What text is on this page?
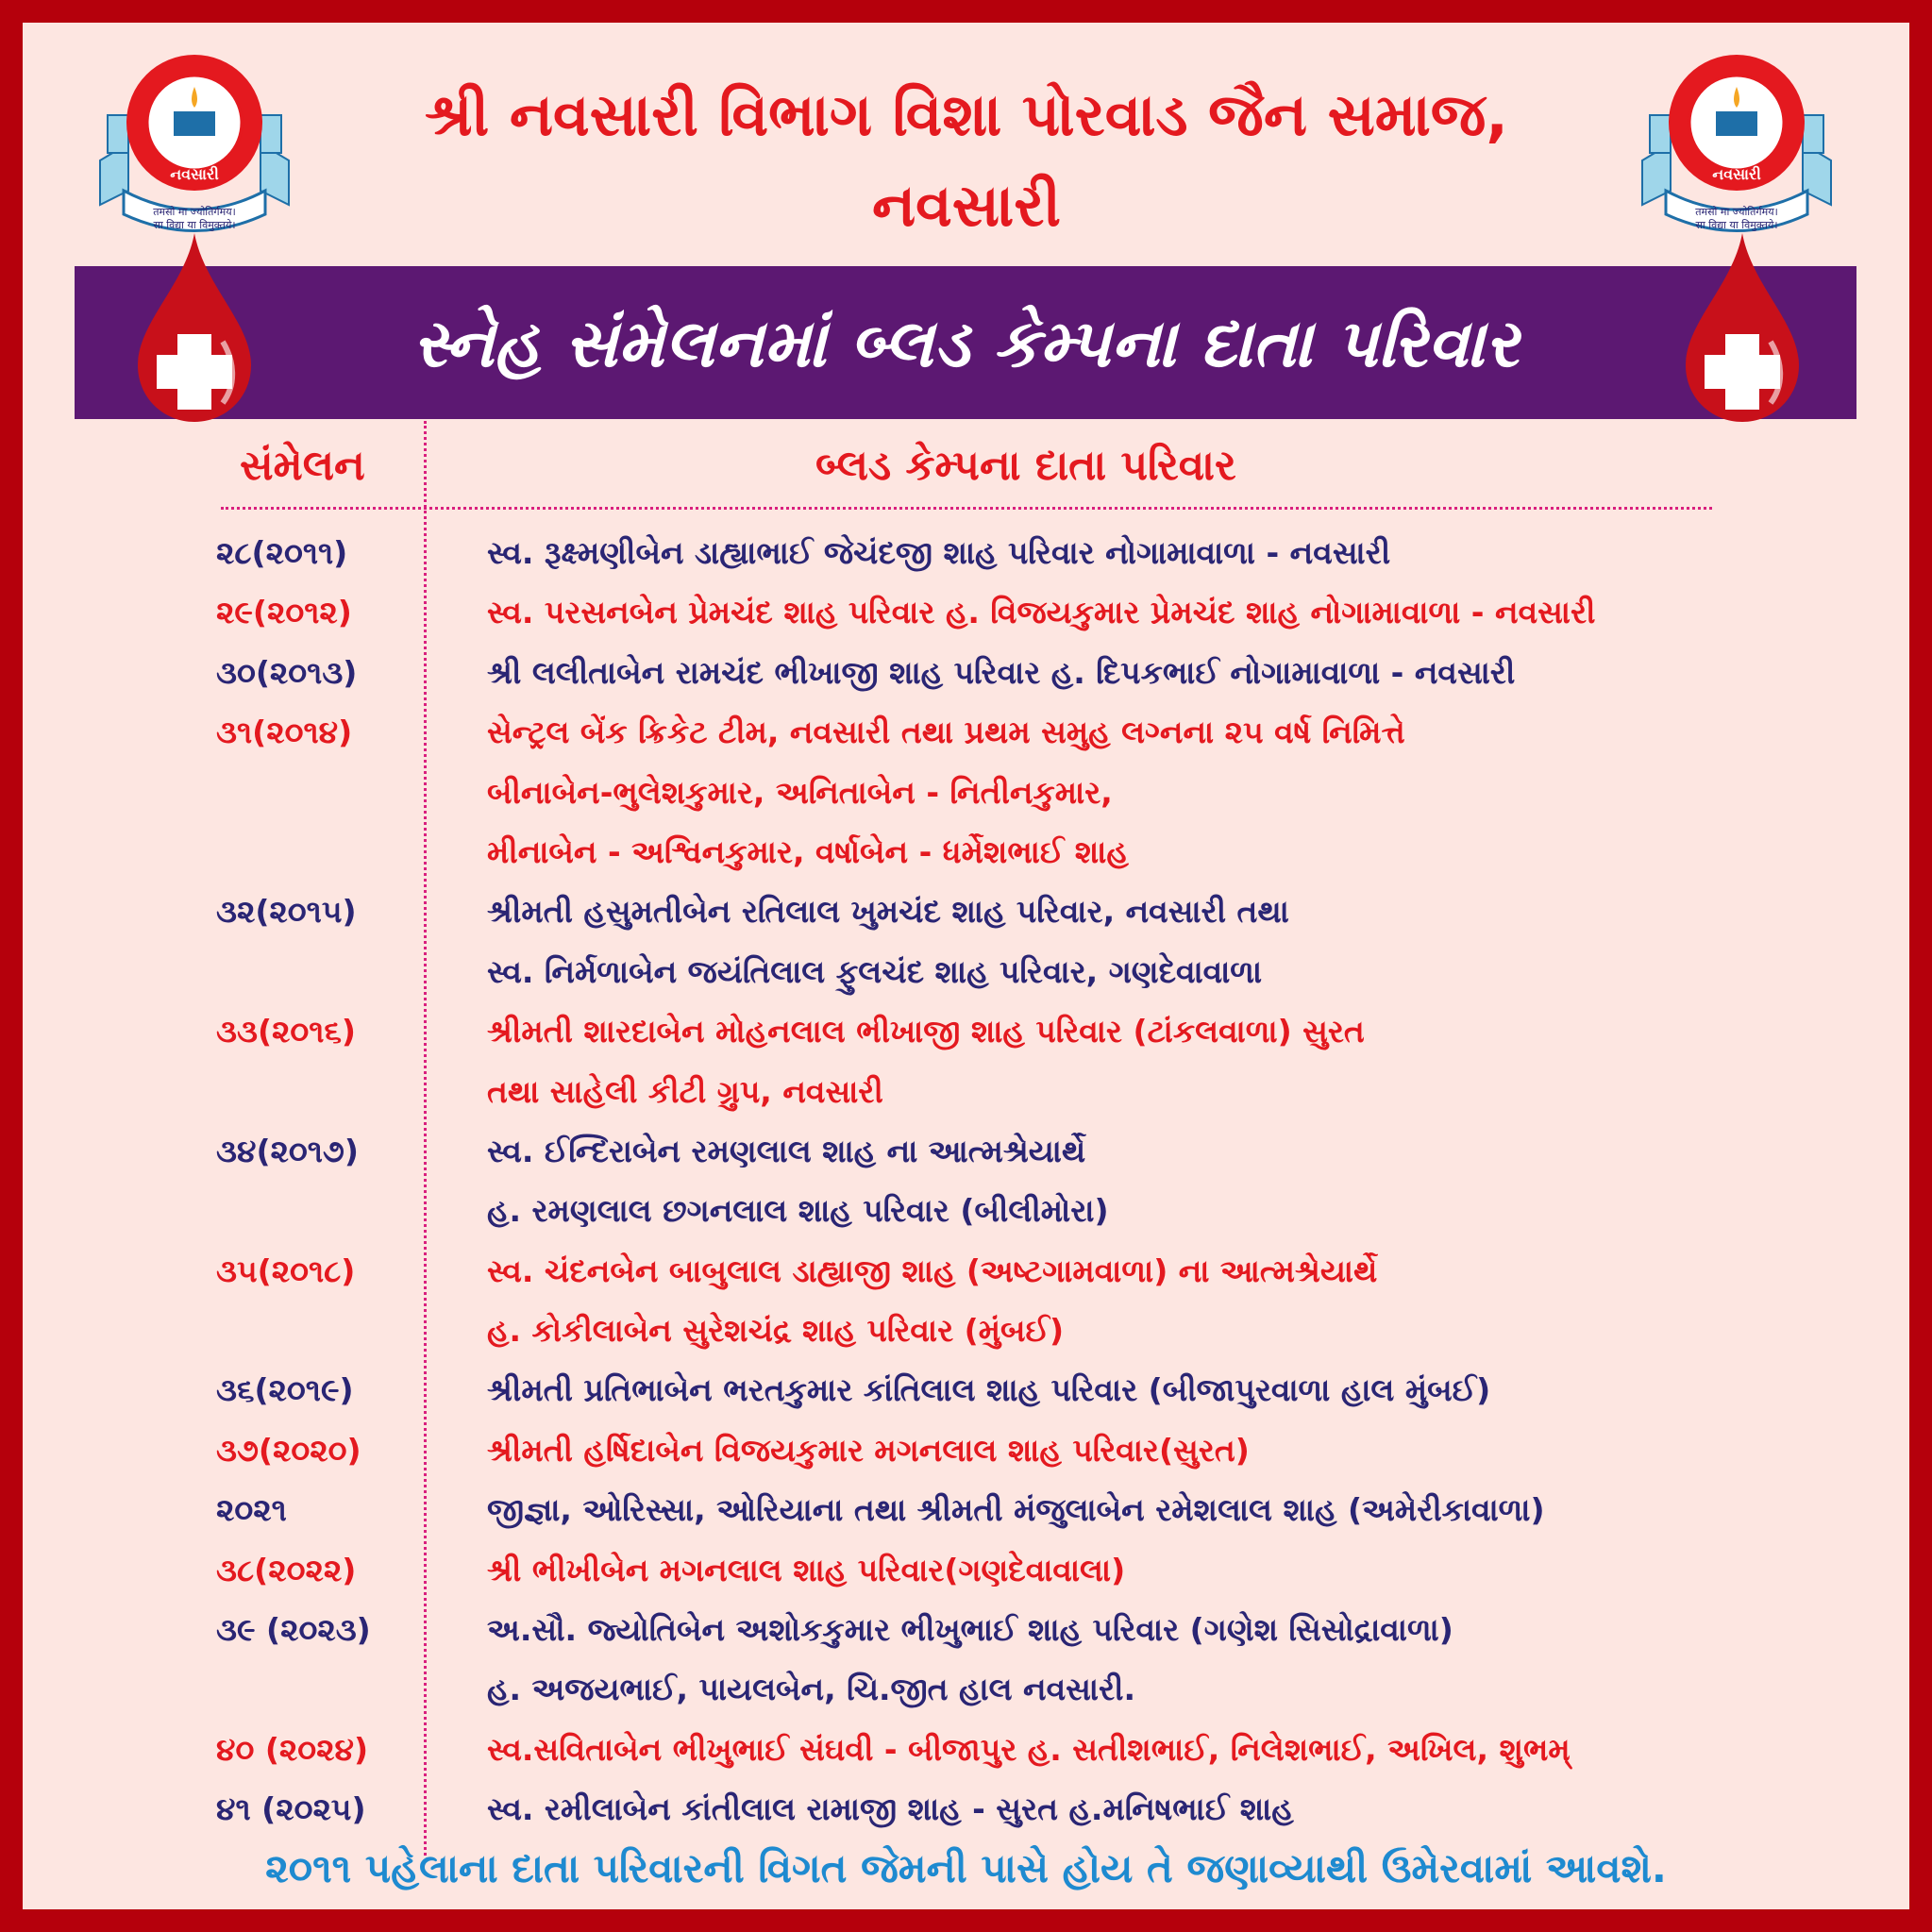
નવસારી
तमसो मा ज्योतिर्गमय।
सा विद्या या विमुक्तये।
નવસારી
तमसो मा ज्योतिर्गमय।
सा विद्या या विमुक्तये।
શ્રી નવસારી વિભાગ વિશા પોરવાડ જૈન સમાજ,
નવસારી
સ્નેહ સંમેલનમાં બ્લડ કેમ્પના દાતા પરિવાર
સંમેલન	બ્લડ કેમ્પના દાતા પરિવાર
૨૮(૨૦૧૧)	સ્વ. રૂક્ષ્મણીબેન ડાહ્યાભાઈ જેચંદજી શાહ પરિવાર નોગામાવાળા - નવસારી
૨૯(૨૦૧૨)	સ્વ. પરસનબેન પ્રેમચંદ શાહ પરિવાર હ. વિજયકુમાર પ્રેમચંદ શાહ નોગામાવાળા - નવસારી
૩૦(૨૦૧૩)	શ્રી લલીતાબેન રામચંદ ભીખાજી શાહ પરિવાર હ. દિપકભાઈ નોગામાવાળા - નવસારી
૩૧(૨૦૧૪)	સેન્ટ્રલ બેંક ક્રિકેટ ટીમ, નવસારી તથા પ્રથમ સમુહ લગ્નના ૨૫ વર્ષ નિમિત્તે
બીનાબેન-ભુલેશકુમાર, અનિતાબેન - નિતીનકુમાર,
મીનાબેન - અશ્વિનકુમાર, વર્ષાબેન - ધર્મેશભાઈ શાહ
૩૨(૨૦૧૫)	શ્રીમતી હસુમતીબેન રતિલાલ ખુમચંદ શાહ પરિવાર, નવસારી તથા
સ્વ. નિર્મળાબેન જયંતિલાલ ફુલચંદ શાહ પરિવાર, ગણદેવાવાળા
૩૩(૨૦૧૬)	શ્રીમતી શારદાબેન મોહનલાલ ભીખાજી શાહ પરિવાર (ટાંકલવાળા) સુરત
તથા સાહેલી કીટી ગ્રુપ, નવસારી
૩૪(૨૦૧૭)	સ્વ. ઈન્દિરાબેન રમણલાલ શાહ ના આત્મશ્રેયાર્થે
હ. રમણલાલ છગનલાલ શાહ પરિવાર (બીલીમોરા)
૩૫(૨૦૧૮)	સ્વ. ચંદનબેન બાબુલાલ ડાહ્યાજી શાહ (અષ્ટગામવાળા) ના આત્મશ્રેયાર્થે
હ. કોકીલાબેન સુરેશચંદ્ર શાહ પરિવાર (મુંબઈ)
૩૬(૨૦૧૯)	શ્રીમતી પ્રતિભાબેન ભરતકુમાર કાંતિલાલ શાહ પરિવાર (બીજાપુરવાળા હાલ મુંબઈ)
૩૭(૨૦૨૦)	શ્રીમતી હર્ષિદાબેન વિજયકુમાર મગનલાલ શાહ પરિવાર(સુરત)
૨૦૨૧	જીજ્ઞા, ઓરિસ્સા, ઓરિયાના તથા શ્રીમતી મંજુલાબેન રમેશલાલ શાહ (અમેરીકાવાળા)
૩૮(૨૦૨૨)	શ્રી ભીખીબેન મગનલાલ શાહ પરિવાર(ગણદેવાવાલા)
૩૯ (૨૦૨૩)	અ.સૌ. જ્યોતિબેન અશોકકુમાર ભીખુભાઈ શાહ પરિવાર (ગણેશ સિસોદ્રાવાળા)
હ. અજયભાઈ, પાયલબેન, ચિ.જીત હાલ નવસારી.
૪૦ (૨૦૨૪)	સ્વ.સવિતાબેન ભીખુભાઈ સંઘવી - બીજાપુર હ. સતીશભાઈ, નિલેશભાઈ, અખિલ, શુભમ્
૪૧ (૨૦૨૫)	સ્વ. રમીલાબેન કાંતીલાલ રામાજી શાહ - સુરત હ.મનિષભાઈ શાહ
૨૦૧૧ પહેલાના દાતા પરિવારની વિગત જેમની પાસે હોય તે જણાવ્યાથી ઉમેરવામાં આવશે.
